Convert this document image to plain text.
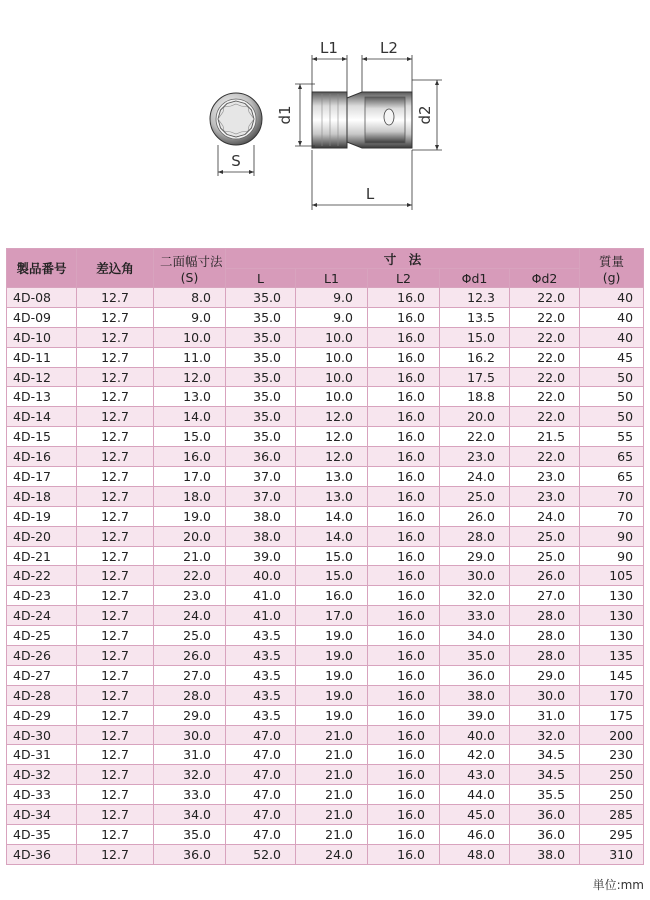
S
L1	L2
d1	d2
L
製品番号	差込角	二面幅寸法
(S)	寸　法					質量
(g)

			L	L1	L2	Φd1	Φd2	
4D-08	12.7	8.0	35.0	9.0	16.0	12.3	22.0	40
4D-09	12.7	9.0	35.0	9.0	16.0	13.5	22.0	40
4D-10	12.7	10.0	35.0	10.0	16.0	15.0	22.0	40
4D-11	12.7	11.0	35.0	10.0	16.0	16.2	22.0	45
4D-12	12.7	12.0	35.0	10.0	16.0	17.5	22.0	50
4D-13	12.7	13.0	35.0	10.0	16.0	18.8	22.0	50
4D-14	12.7	14.0	35.0	12.0	16.0	20.0	22.0	50
4D-15	12.7	15.0	35.0	12.0	16.0	22.0	21.5	55
4D-16	12.7	16.0	36.0	12.0	16.0	23.0	22.0	65
4D-17	12.7	17.0	37.0	13.0	16.0	24.0	23.0	65
4D-18	12.7	18.0	37.0	13.0	16.0	25.0	23.0	70
4D-19	12.7	19.0	38.0	14.0	16.0	26.0	24.0	70
4D-20	12.7	20.0	38.0	14.0	16.0	28.0	25.0	90
4D-21	12.7	21.0	39.0	15.0	16.0	29.0	25.0	90
4D-22	12.7	22.0	40.0	15.0	16.0	30.0	26.0	105
4D-23	12.7	23.0	41.0	16.0	16.0	32.0	27.0	130
4D-24	12.7	24.0	41.0	17.0	16.0	33.0	28.0	130
4D-25	12.7	25.0	43.5	19.0	16.0	34.0	28.0	130
4D-26	12.7	26.0	43.5	19.0	16.0	35.0	28.0	135
4D-27	12.7	27.0	43.5	19.0	16.0	36.0	29.0	145
4D-28	12.7	28.0	43.5	19.0	16.0	38.0	30.0	170
4D-29	12.7	29.0	43.5	19.0	16.0	39.0	31.0	175
4D-30	12.7	30.0	47.0	21.0	16.0	40.0	32.0	200
4D-31	12.7	31.0	47.0	21.0	16.0	42.0	34.5	230
4D-32	12.7	32.0	47.0	21.0	16.0	43.0	34.5	250
4D-33	12.7	33.0	47.0	21.0	16.0	44.0	35.5	250
4D-34	12.7	34.0	47.0	21.0	16.0	45.0	36.0	285
4D-35	12.7	35.0	47.0	21.0	16.0	46.0	36.0	295
4D-36	12.7	36.0	52.0	24.0	16.0	48.0	38.0	310
単位:mm
